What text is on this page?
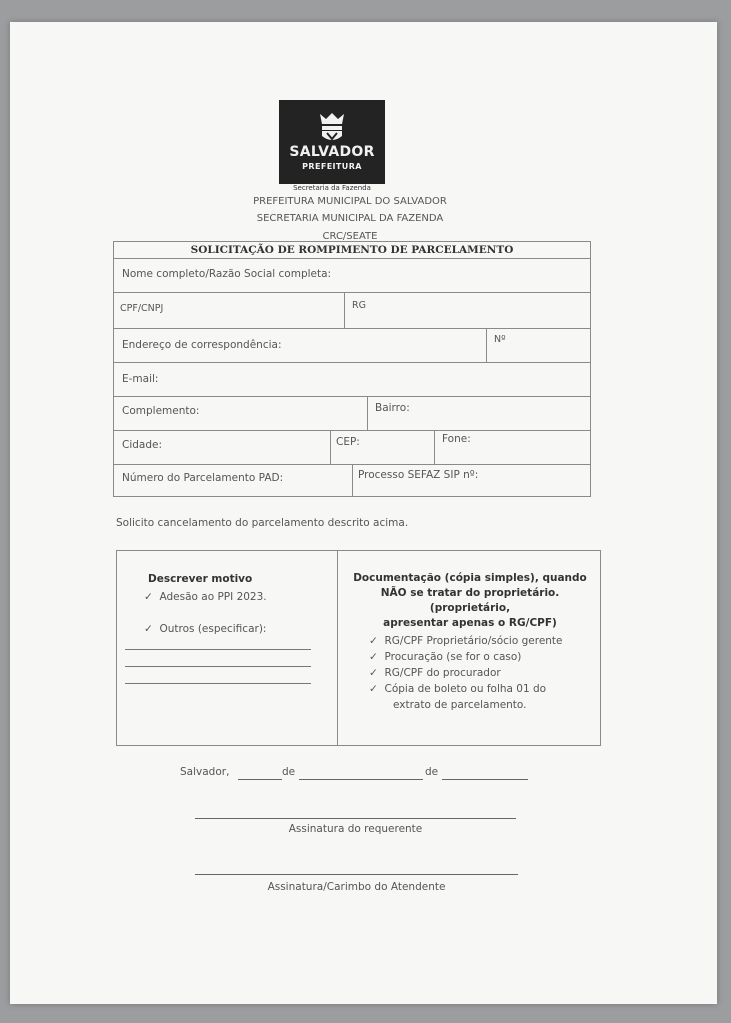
SALVADOR
PREFEITURA
Secretaria da Fazenda
PREFEITURA MUNICIPAL DO SALVADOR
SECRETARIA MUNICIPAL DA FAZENDA
CRC/SEATE
SOLICITAÇÃO DE ROMPIMENTO DE PARCELAMENTO
Nome completo/Razão Social completa:
CPF/CNPJ	RG
Endereço de correspondência:	Nº
E-mail:
Complemento:	Bairro:
Cidade:	CEP:	Fone:
Número do Parcelamento PAD:	Processo SEFAZ SIP nº:
Solicito cancelamento do parcelamento descrito acima.
Descrever motivo
✓  Adesão ao PPI 2023.
✓  Outros (especificar):
Documentação (cópia simples), quando
NÃO se tratar do proprietário. (proprietário,
apresentar apenas o RG/CPF)
✓  RG/CPF Proprietário/sócio gerente
✓  Procuração (se for o caso)
✓  RG/CPF do procurador
✓  Cópia de boleto ou folha 01 do
extrato de parcelamento.
Salvador,	de	de
Assinatura do requerente
Assinatura/Carimbo do Atendente
